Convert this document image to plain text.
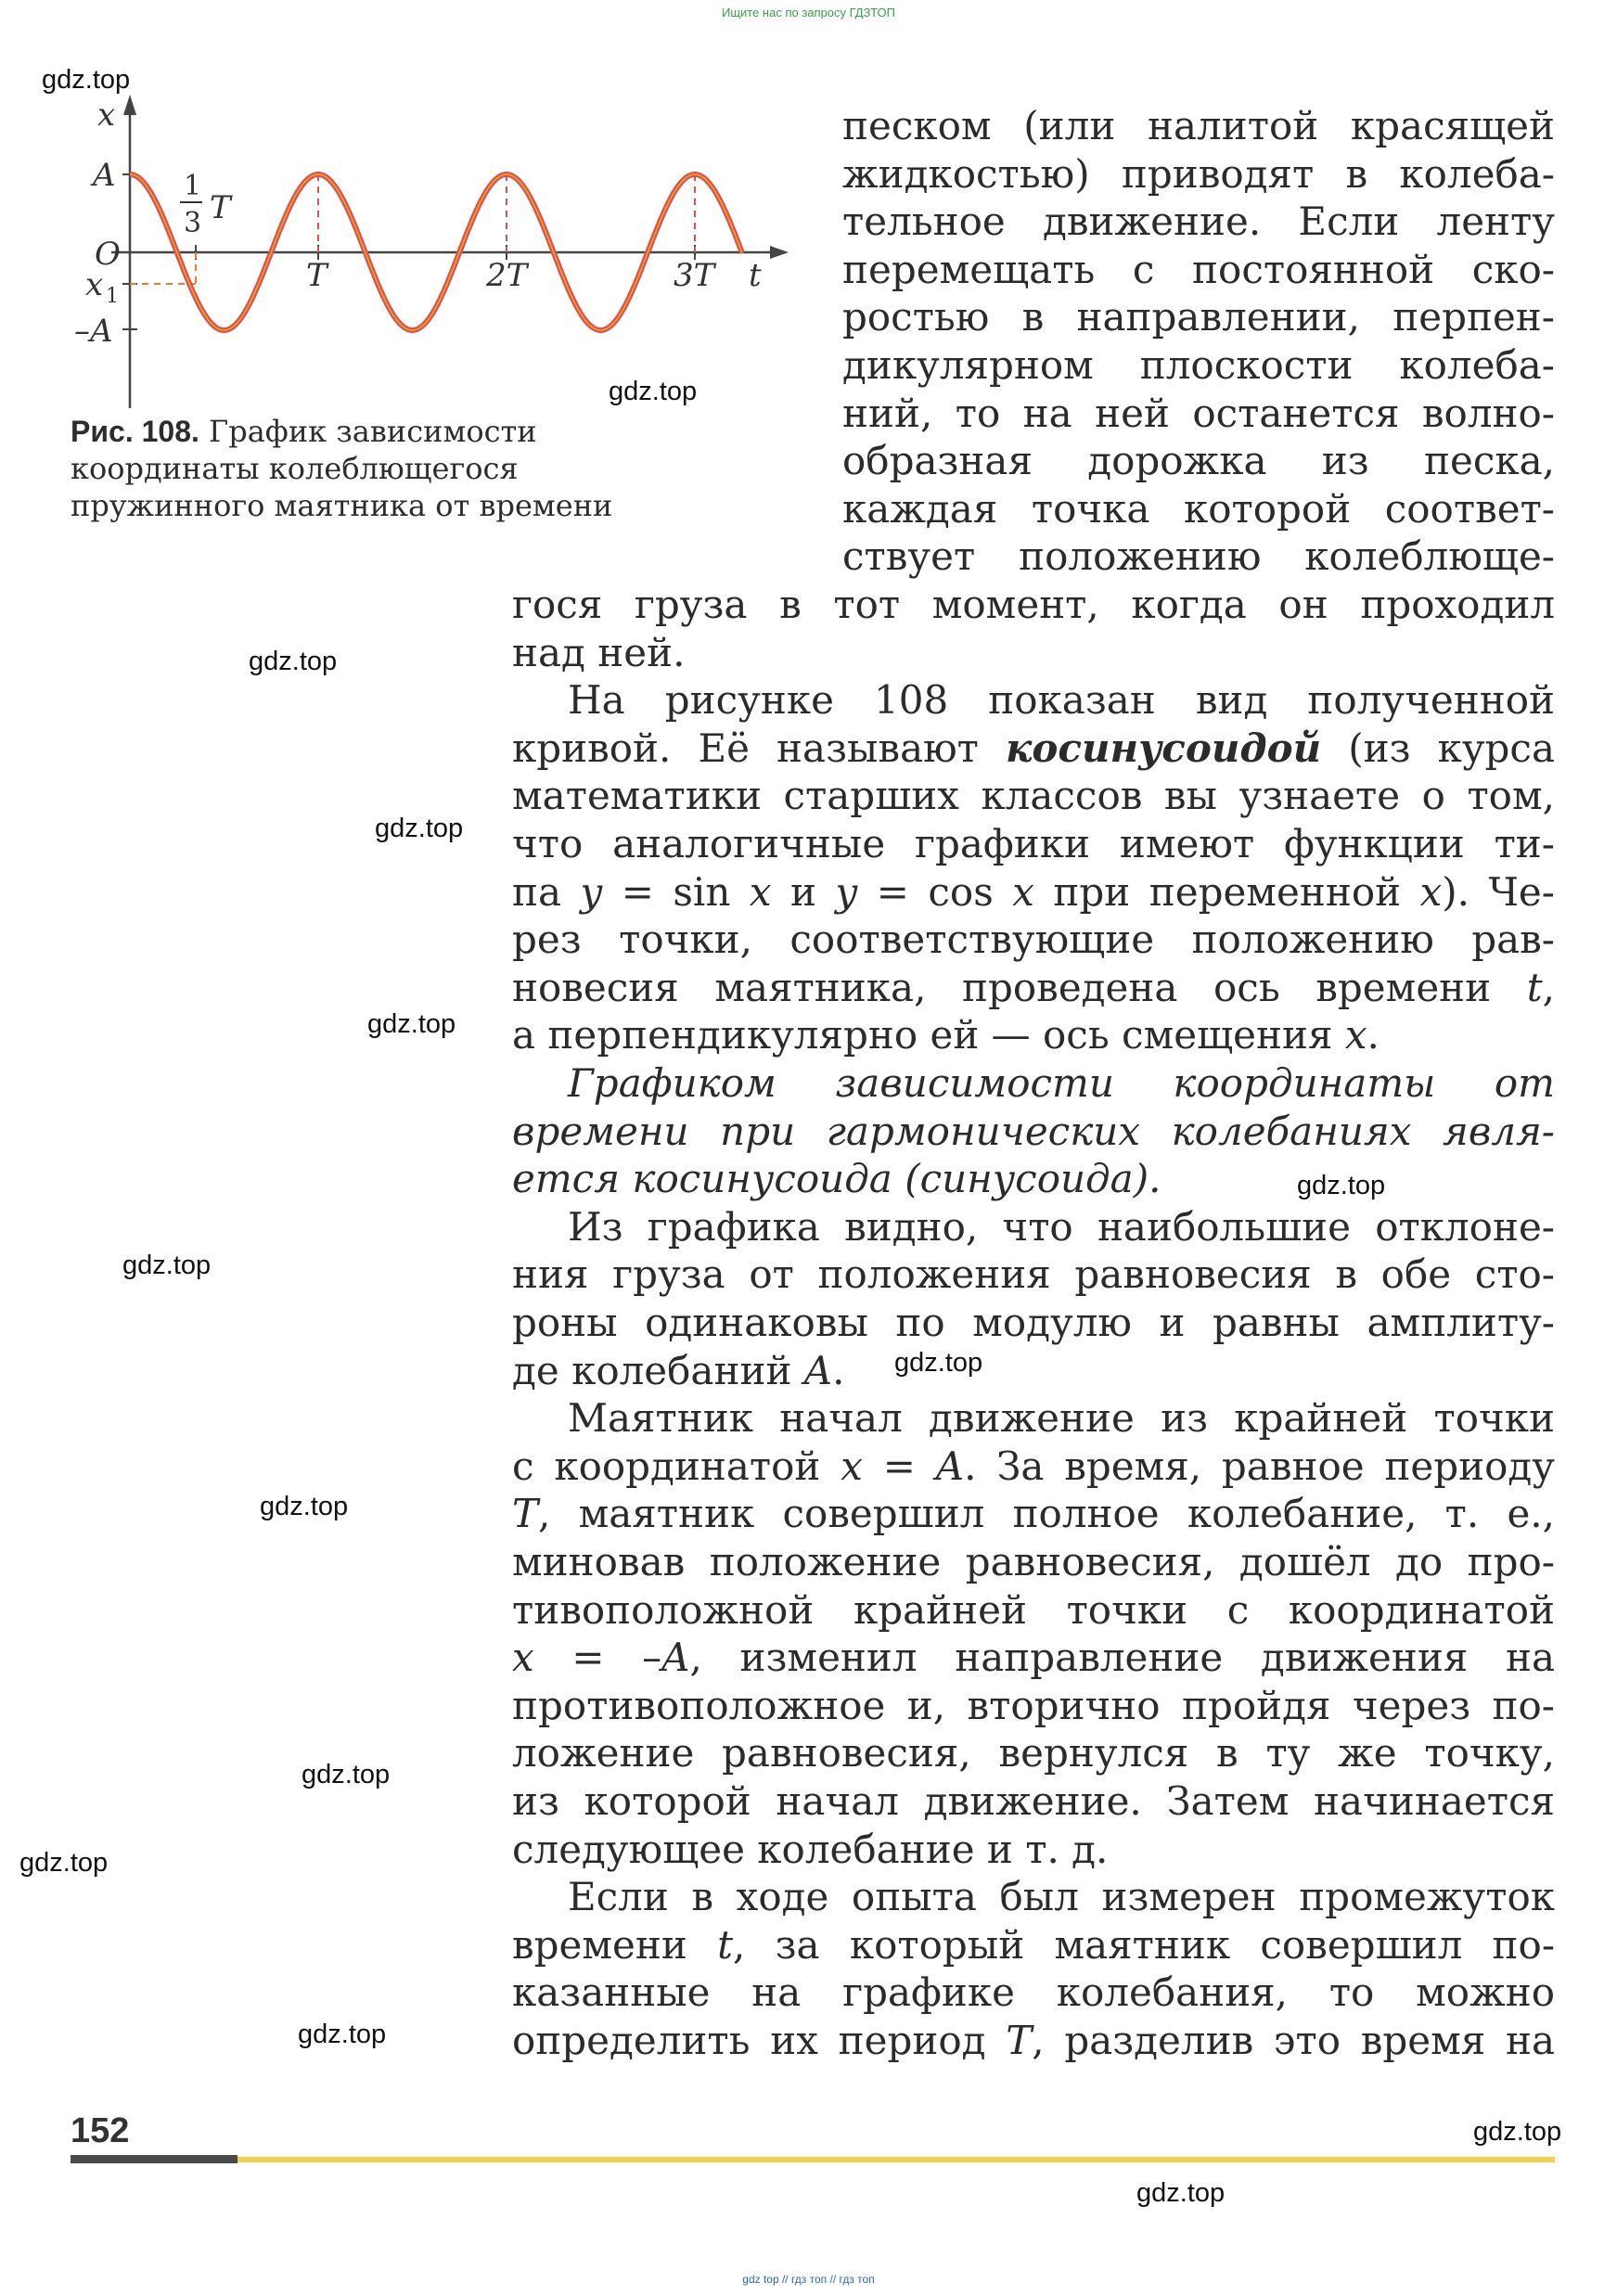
Ищите нас по запросу ГДЗТОП
x
A
O
x 1
–A
1
3 T
T	2T	3T t
Рис. 108. График зависимости
координаты колеблющегося
пружинного маятника от времени
песком (или налитой красящей
жидкостью) приводят в колеба-
тельное движение. Если ленту
перемещать с постоянной ско-
ростью в направлении, перпен-
дикулярном плоскости колеба-
ний, то на ней останется волно-
образная дорожка из песка,
каждая точка которой соответ-
ствует положению колеблюще-
гося груза в тот момент, когда он проходил
над ней.
На рисунке 108 показан вид полученной
кривой. Её называют косинусоидой (из курса
математики старших классов вы узнаете о том,
что аналогичные графики имеют функции ти-
па y = sin x и y = cos x при переменной x). Че-
рез точки, соответствующие положению рав-
новесия маятника, проведена ось времени t,
а перпендикулярно ей — ось смещения x.
Графиком зависимости координаты от
времени при гармонических колебаниях явля-
ется косинусоида (синусоида).
Из графика видно, что наибольшие отклоне-
ния груза от положения равновесия в обе сто-
роны одинаковы по модулю и равны амплиту-
де колебаний A.
Маятник начал движение из крайней точки
с координатой x = A. За время, равное периоду
T, маятник совершил полное колебание, т. е.,
миновав положение равновесия, дошёл до про-
тивоположной крайней точки с координатой
x = –A, изменил направление движения на
противоположное и, вторично пройдя через по-
ложение равновесия, вернулся в ту же точку,
из которой начал движение. Затем начинается
следующее колебание и т. д.
Если в ходе опыта был измерен промежуток
времени t, за который маятник совершил по-
казанные на графике колебания, то можно
определить их период T, разделив это время на
gdz.top
gdz.top
gdz.top
gdz.top
gdz.top
gdz.top
gdz.top
gdz.top
gdz.top
gdz.top
gdz.top
gdz.top
gdz.top
gdz.top
152
gdz top // гдз топ // гдз топ
